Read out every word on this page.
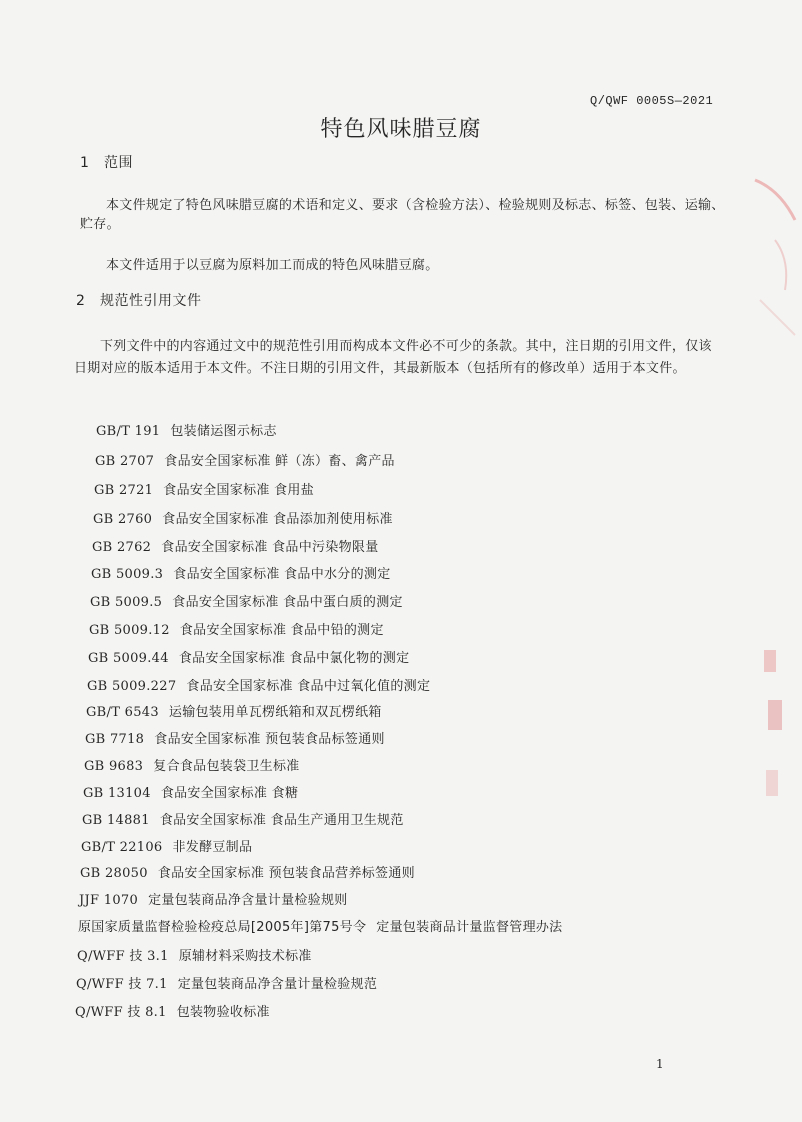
Q/QWF 0005S—2021
特色风味腊豆腐
1 范围
本文件规定了特色风味腊豆腐的术语和定义、要求（含检验方法）、检验规则及标志、标签、包装、运输、贮存。
本文件适用于以豆腐为原料加工而成的特色风味腊豆腐。
2 规范性引用文件
下列文件中的内容通过文中的规范性引用而构成本文件必不可少的条款。其中，注日期的引用文件，仅该日期对应的版本适用于本文件。不注日期的引用文件，其最新版本（包括所有的修改单）适用于本文件。
GB/T 191 包装储运图示标志
GB 2707 食品安全国家标准 鲜（冻）畜、禽产品
GB 2721 食品安全国家标准 食用盐
GB 2760 食品安全国家标准 食品添加剂使用标准
GB 2762 食品安全国家标准 食品中污染物限量
GB 5009.3 食品安全国家标准 食品中水分的测定
GB 5009.5 食品安全国家标准 食品中蛋白质的测定
GB 5009.12 食品安全国家标准 食品中铅的测定
GB 5009.44 食品安全国家标准 食品中氯化物的测定
GB 5009.227 食品安全国家标准 食品中过氧化值的测定
GB/T 6543 运输包装用单瓦楞纸箱和双瓦楞纸箱
GB 7718 食品安全国家标准 预包装食品标签通则
GB 9683 复合食品包装袋卫生标准
GB 13104 食品安全国家标准 食糖
GB 14881 食品安全国家标准 食品生产通用卫生规范
GB/T 22106 非发酵豆制品
GB 28050 食品安全国家标准 预包装食品营养标签通则
JJF 1070 定量包装商品净含量计量检验规则
原国家质量监督检验检疫总局[2005年]第75号令 定量包装商品计量监督管理办法
Q/WFF 技 3.1 原辅材料采购技术标准
Q/WFF 技 7.1 定量包装商品净含量计量检验规范
Q/WFF 技 8.1 包装物验收标准
1
